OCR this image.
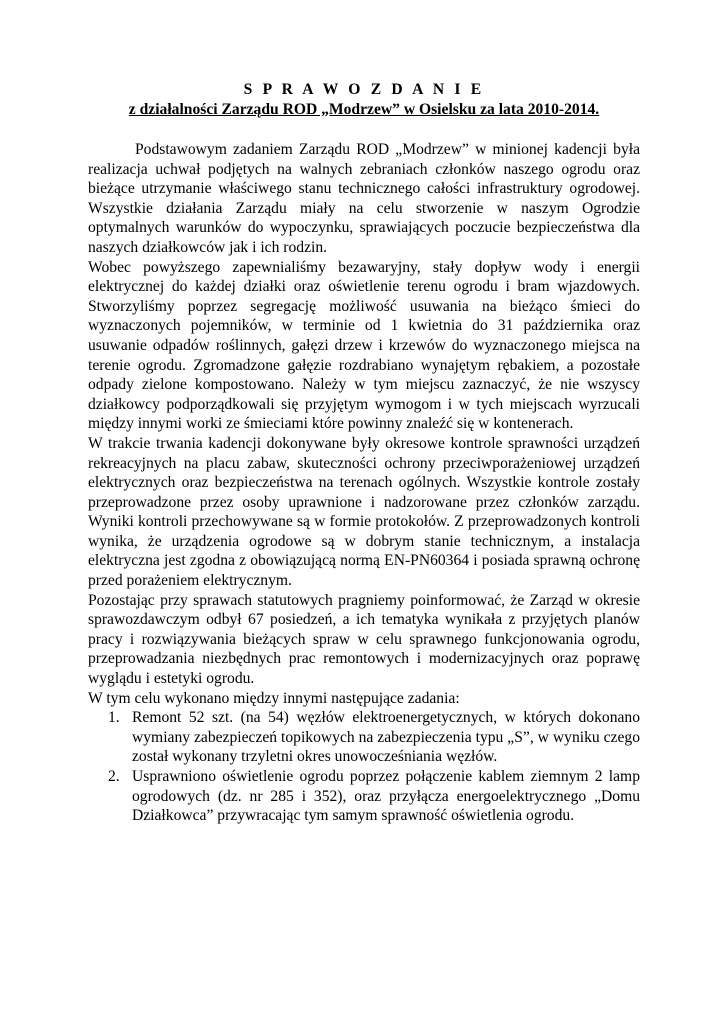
S P R A W O Z D A N I E

z działalności Zarządu ROD „Modrzew” w Osielsku za lata 2010-2014.

Podstawowym zadaniem Zarządu ROD „Modrzew” w minionej kadencji była realizacja uchwał podjętych na walnych zebraniach członków naszego ogrodu oraz bieżące utrzymanie właściwego stanu technicznego całości infrastruktury ogrodowej. Wszystkie działania Zarządu miały na celu stworzenie w naszym Ogrodzie optymalnych warunków do wypoczynku, sprawiających poczucie bezpieczeństwa dla naszych działkowców jak i ich rodzin.

Wobec powyższego zapewnialiśmy bezawaryjny, stały dopływ wody i energii elektrycznej do każdej działki oraz oświetlenie terenu ogrodu i bram wjazdowych. Stworzyliśmy poprzez segregację możliwość usuwania na bieżąco śmieci do wyznaczonych pojemników, w terminie od 1 kwietnia do 31 października oraz usuwanie odpadów roślinnych, gałęzi drzew i krzewów do wyznaczonego miejsca na terenie ogrodu. Zgromadzone gałęzie rozdrabiano wynajętym rębakiem, a pozostałe odpady zielone kompostowano. Należy w tym miejscu zaznaczyć, że nie wszyscy działkowcy podporządkowali się przyjętym wymogom i w tych miejscach wyrzucali między innymi worki ze śmieciami które powinny znaleźć się w kontenerach.

W trakcie trwania kadencji dokonywane były okresowe kontrole sprawności urządzeń rekreacyjnych na placu zabaw, skuteczności ochrony przeciwporażeniowej urządzeń elektrycznych oraz bezpieczeństwa na terenach ogólnych. Wszystkie kontrole zostały przeprowadzone przez osoby uprawnione i nadzorowane przez członków zarządu. Wyniki kontroli przechowywane są w formie protokołów. Z przeprowadzonych kontroli wynika, że urządzenia ogrodowe są w dobrym stanie technicznym, a instalacja elektryczna jest zgodna z obowiązującą normą EN-PN60364 i posiada sprawną ochronę przed porażeniem elektrycznym.

Pozostając przy sprawach statutowych pragniemy poinformować, że Zarząd w okresie sprawozdawczym odbył 67 posiedzeń, a ich tematyka wynikała z przyjętych planów pracy i rozwiązywania bieżących spraw w celu sprawnego funkcjonowania ogrodu, przeprowadzania niezbędnych prac remontowych i modernizacyjnych oraz poprawę wyglądu i estetyki ogrodu.

W tym celu wykonano między innymi następujące zadania:

1. Remont 52 szt. (na 54) węzłów elektroenergetycznych, w których dokonano wymiany zabezpieczeń topikowych na zabezpieczenia typu „S”, w wyniku czego został wykonany trzyletni okres unowocześniania węzłów.
2. Usprawniono oświetlenie ogrodu poprzez połączenie kablem ziemnym 2 lamp ogrodowych (dz. nr 285 i 352), oraz przyłącza energoelektrycznego „Domu Działkowca” przywracając tym samym sprawność oświetlenia ogrodu.
